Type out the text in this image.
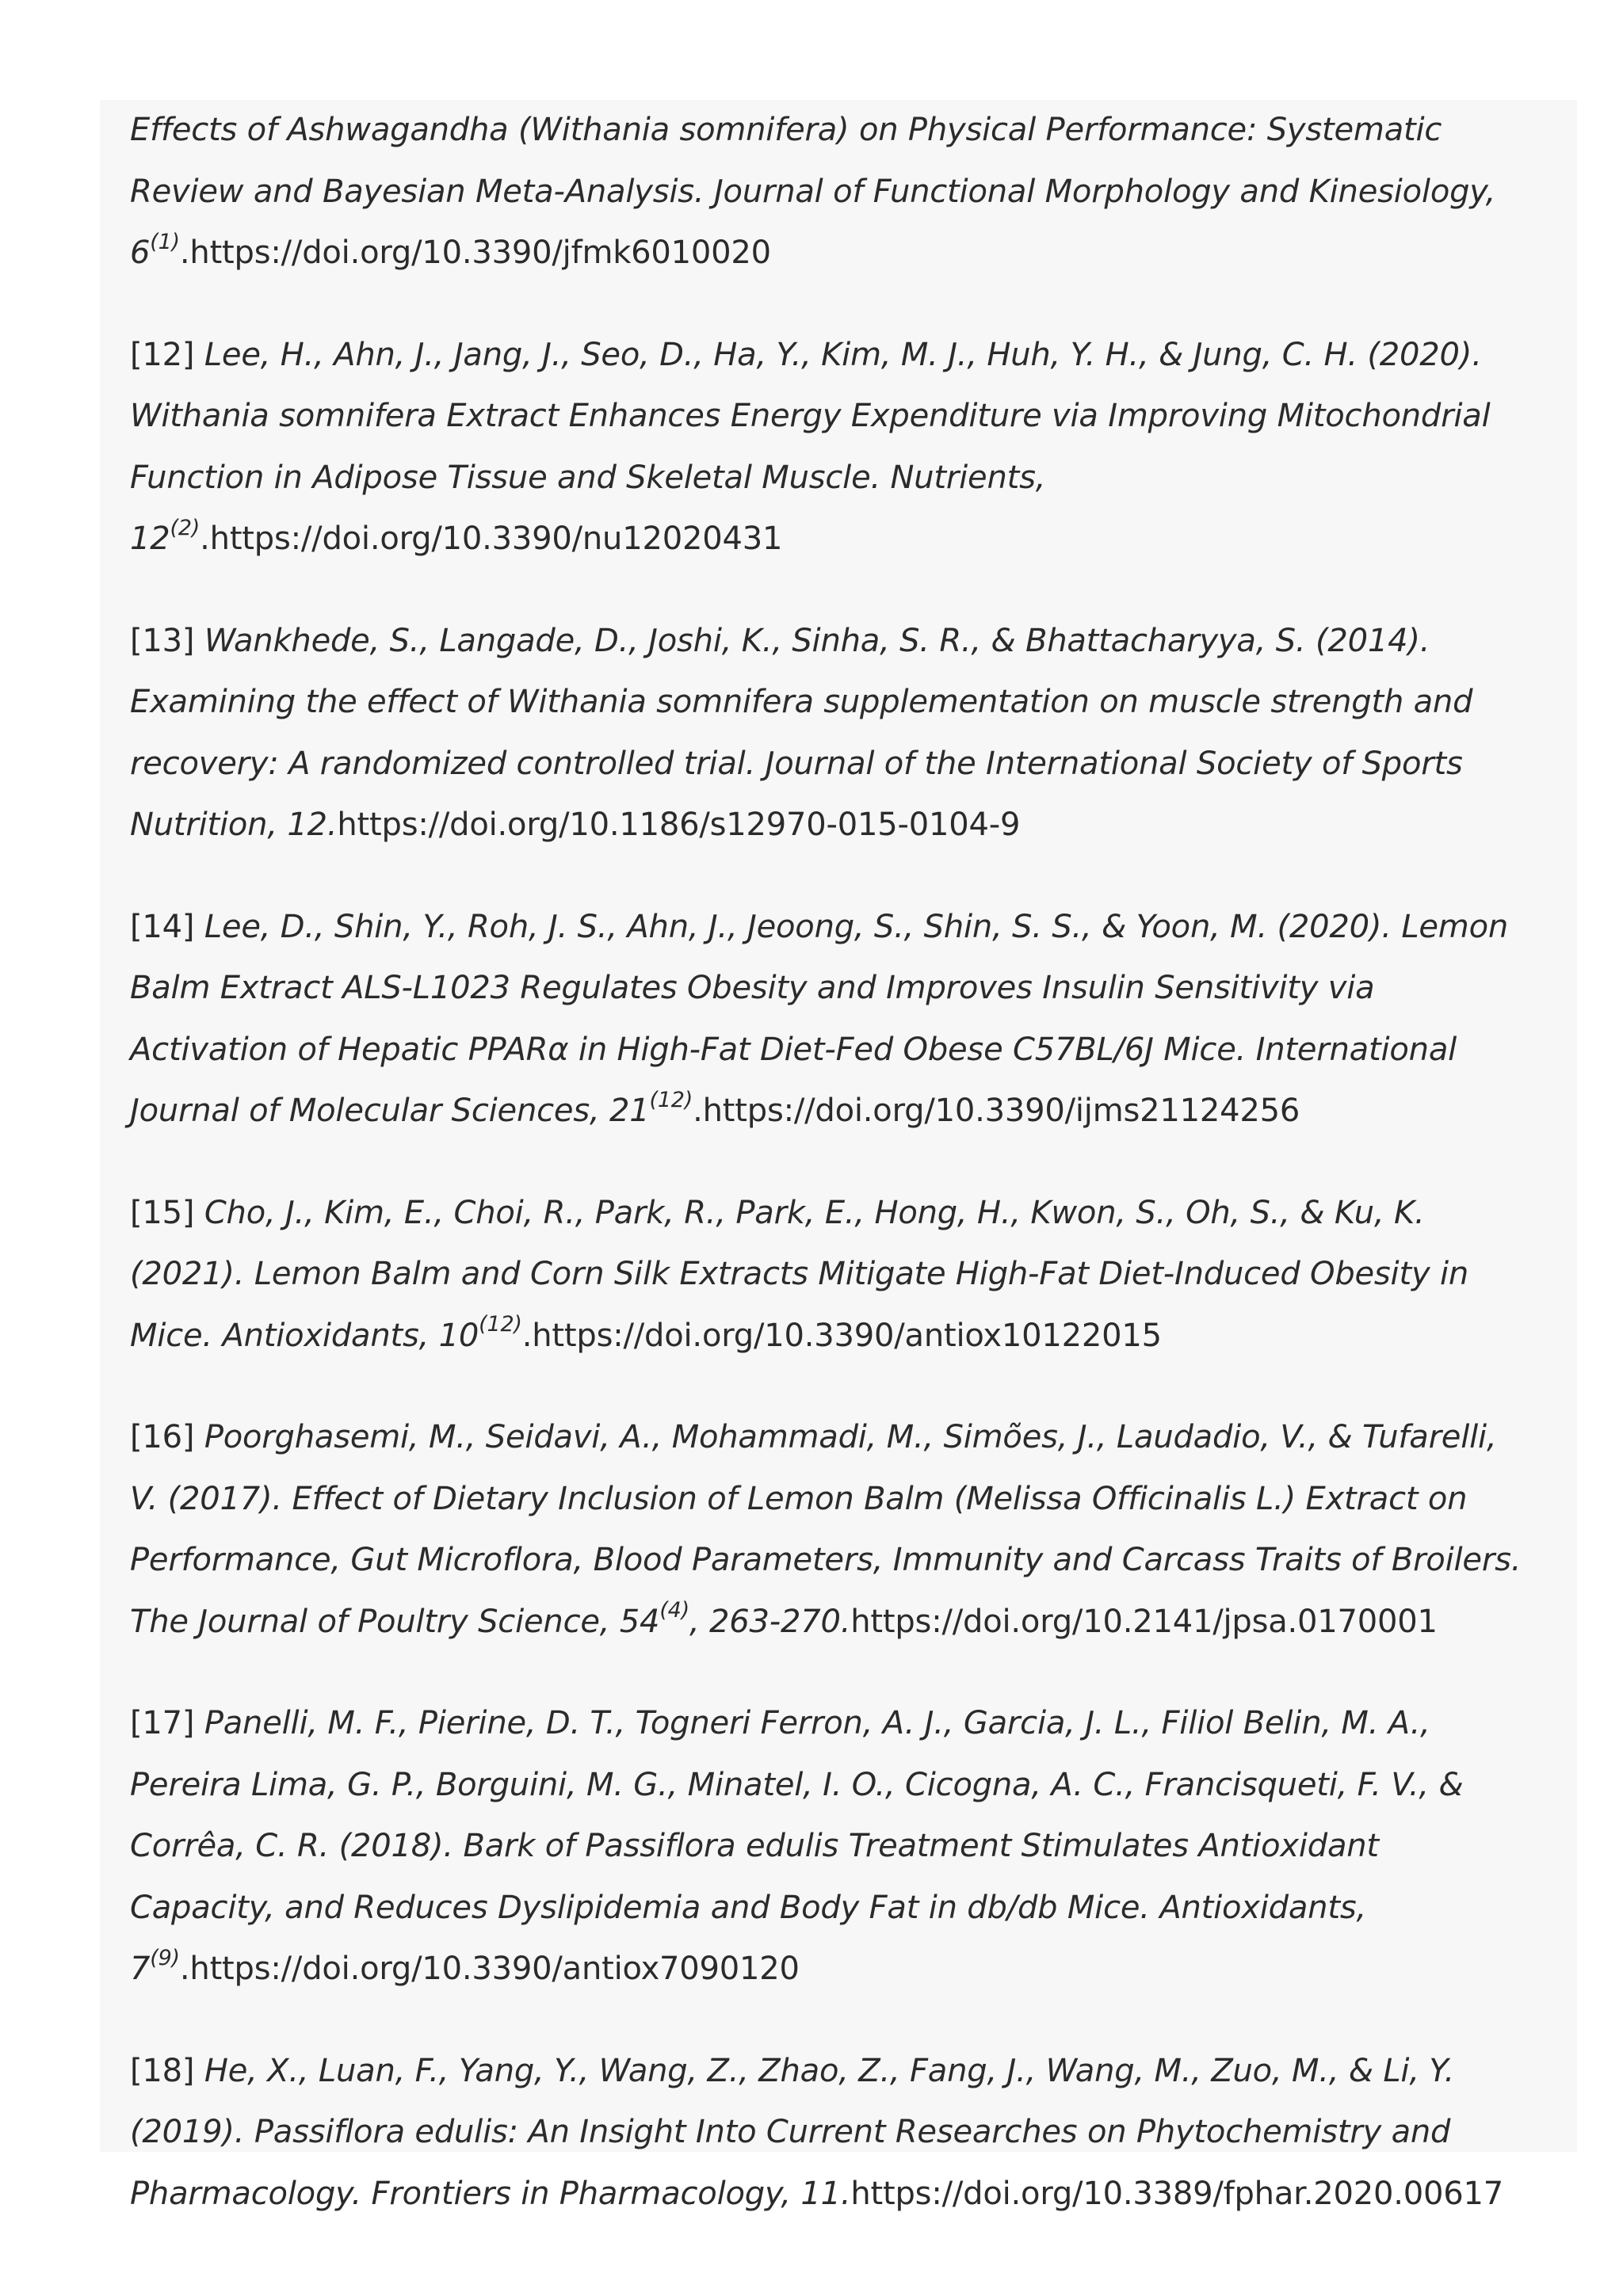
Effects of Ashwagandha (Withania somnifera) on Physical Performance: Systematic Review and Bayesian Meta-Analysis. Journal of Functional Morphology and Kinesiology, 6$^{(1)}$.https://doi.org/10.3390/jfmk6010020

[12] Lee, H., Ahn, J., Jang, J., Seo, D., Ha, Y., Kim, M. J., Huh, Y. H., & Jung, C. H. (2020). Withania somnifera Extract Enhances Energy Expenditure via Improving Mitochondrial Function in Adipose Tissue and Skeletal Muscle. Nutrients, 12$^{(2)}$.https://doi.org/10.3390/nu12020431

[13] Wankhede, S., Langade, D., Joshi, K., Sinha, S. R., & Bhattacharyya, S. (2014). Examining the effect of Withania somnifera supplementation on muscle strength and recovery: A randomized controlled trial. Journal of the International Society of Sports Nutrition, 12.https://doi.org/10.1186/s12970-015-0104-9

[14] Lee, D., Shin, Y., Roh, J. S., Ahn, J., Jeoong, S., Shin, S. S., & Yoon, M. (2020). Lemon Balm Extract ALS-L1023 Regulates Obesity and Improves Insulin Sensitivity via Activation of Hepatic PPARα in High-Fat Diet-Fed Obese C57BL/6J Mice. International Journal of Molecular Sciences, 21$^{(12)}$.https://doi.org/10.3390/ijms21124256

[15] Cho, J., Kim, E., Choi, R., Park, R., Park, E., Hong, H., Kwon, S., Oh, S., & Ku, K. (2021). Lemon Balm and Corn Silk Extracts Mitigate High-Fat Diet-Induced Obesity in Mice. Antioxidants, 10$^{(12)}$.https://doi.org/10.3390/antiox10122015

[16] Poorghasemi, M., Seidavi, A., Mohammadi, M., Simões, J., Laudadio, V., & Tufarelli, V. (2017). Effect of Dietary Inclusion of Lemon Balm (Melissa Officinalis L.) Extract on Performance, Gut Microflora, Blood Parameters, Immunity and Carcass Traits of Broilers. The Journal of Poultry Science, 54$^{(4)}$, 263-270.https://doi.org/10.2141/jpsa.0170001

[17] Panelli, M. F., Pierine, D. T., Togneri Ferron, A. J., Garcia, J. L., Filiol Belin, M. A., Pereira Lima, G. P., Borguini, M. G., Minatel, I. O., Cicogna, A. C., Francisqueti, F. V., & Corrêa, C. R. (2018). Bark of Passiflora edulis Treatment Stimulates Antioxidant Capacity, and Reduces Dyslipidemia and Body Fat in db/db Mice. Antioxidants, 7$^{(9)}$.https://doi.org/10.3390/antiox7090120

[18] He, X., Luan, F., Yang, Y., Wang, Z., Zhao, Z., Fang, J., Wang, M., Zuo, M., & Li, Y. (2019). Passiflora edulis: An Insight Into Current Researches on Phytochemistry and Pharmacology. Frontiers in Pharmacology, 11.https://doi.org/10.3389/fphar.2020.00617
